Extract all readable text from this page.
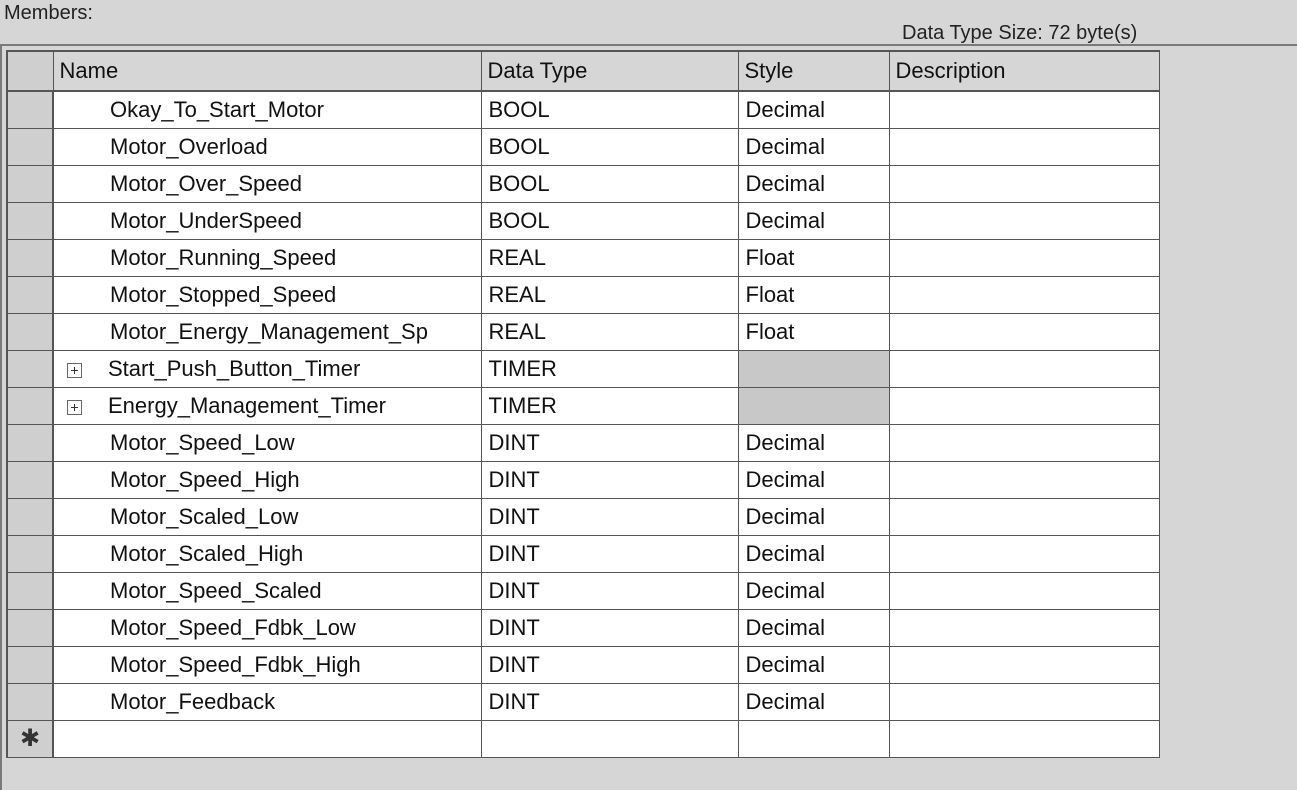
Members:
Data Type Size: 72 byte(s)
	Name	Data Type	Style	Description
	Okay_To_Start_Motor	BOOL	Decimal	
	Motor_Overload	BOOL	Decimal	
	Motor_Over_Speed	BOOL	Decimal	
	Motor_UnderSpeed	BOOL	Decimal	
	Motor_Running_Speed	REAL	Float	
	Motor_Stopped_Speed	REAL	Float	
	Motor_Energy_Management_Sp	REAL	Float	
	Start_Push_Button_Timer	TIMER		
	Energy_Management_Timer	TIMER		
	Motor_Speed_Low	DINT	Decimal	
	Motor_Speed_High	DINT	Decimal	
	Motor_Scaled_Low	DINT	Decimal	
	Motor_Scaled_High	DINT	Decimal	
	Motor_Speed_Scaled	DINT	Decimal	
	Motor_Speed_Fdbk_Low	DINT	Decimal	
	Motor_Speed_Fdbk_High	DINT	Decimal	
	Motor_Feedback	DINT	Decimal	
✱				
